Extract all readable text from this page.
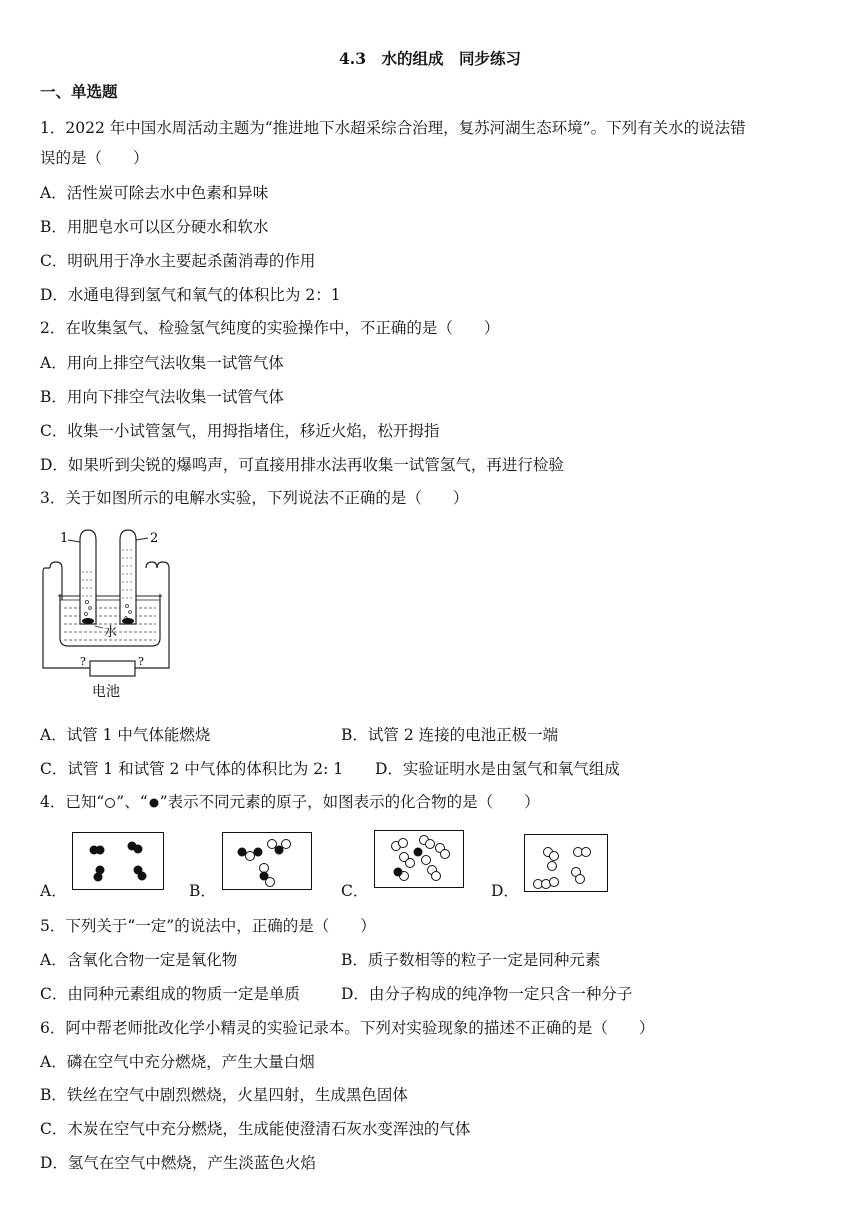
4.3　水的组成　同步练习
一、单选题
1．2022 年中国水周活动主题为“推进地下水超采综合治理，复苏河湖生态环境”。下列有关水的说法错
误的是（　　）
A．活性炭可除去水中色素和异味
B．用肥皂水可以区分硬水和软水
C．明矾用于净水主要起杀菌消毒的作用
D．水通电得到氢气和氧气的体积比为 2：1
2．在收集氢气、检验氢气纯度的实验操作中，不正确的是（　　）
A．用向上排空气法收集一试管气体
B．用向下排空气法收集一试管气体
C．收集一小试管氢气，用拇指堵住，移近火焰，松开拇指
D．如果听到尖锐的爆鸣声，可直接用排水法再收集一试管氢气，再进行检验
3．关于如图所示的电解水实验，下列说法不正确的是（　　）
1	2
水
?	?
电池
A．试管 1 中气体能燃烧	B．试管 2 连接的电池正极一端
C．试管 1 和试管 2 中气体的体积比为 2: 1 D．实验证明水是由氢气和氧气组成
4．已知“ ”、“ ”表示不同元素的原子，如图表示的化合物的是（　　）
A．	B．	C．	D．
5．下列关于“一定”的说法中，正确的是（　　）
A．含氧化合物一定是氧化物	B．质子数相等的粒子一定是同种元素
C．由同种元素组成的物质一定是单质	D．由分子构成的纯净物一定只含一种分子
6．阿中帮老师批改化学小精灵的实验记录本。下列对实验现象的描述不正确的是（　　）
A．磷在空气中充分燃烧，产生大量白烟
B．铁丝在空气中剧烈燃烧，火星四射，生成黑色固体
C．木炭在空气中充分燃烧，生成能使澄清石灰水变浑浊的气体
D．氢气在空气中燃烧，产生淡蓝色火焰
